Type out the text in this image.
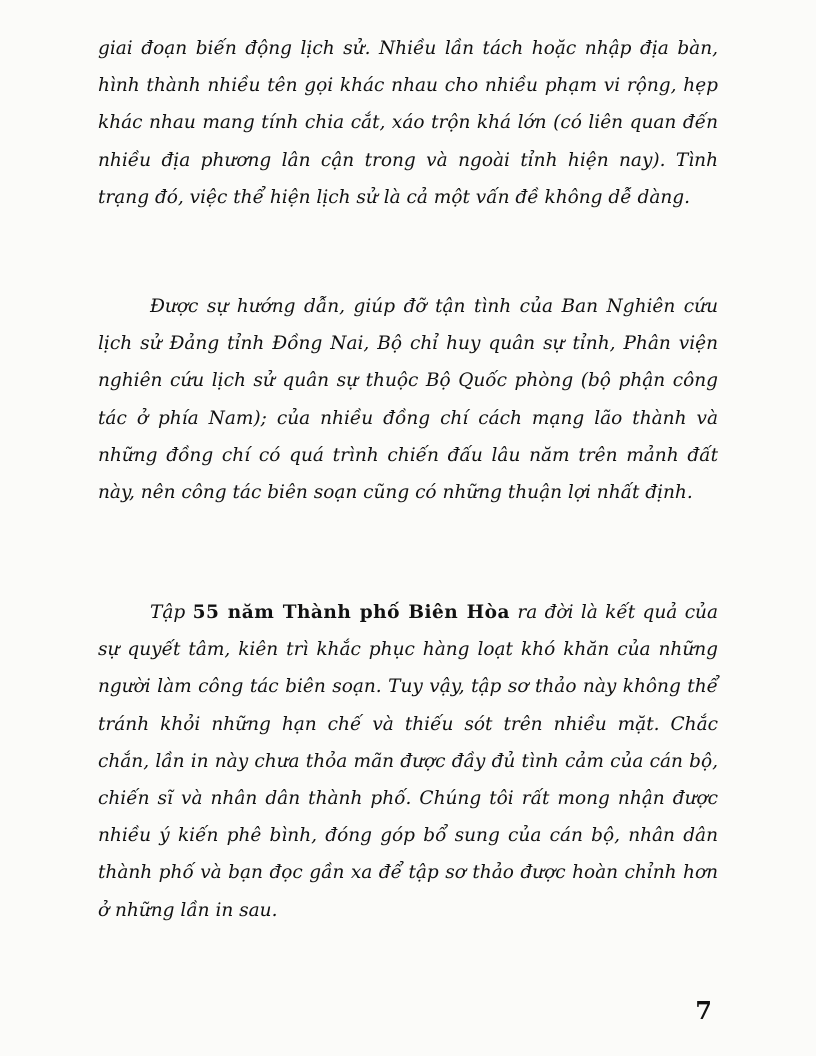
giai đoạn biến động lịch sử. Nhiều lần tách hoặc nhập địa bàn, hình thành nhiều tên gọi khác nhau cho nhiều phạm vi rộng, hẹp khác nhau mang tính chia cắt, xáo trộn khá lớn (có liên quan đến nhiều địa phương lân cận trong và ngoài tỉnh hiện nay). Tình trạng đó, việc thể hiện lịch sử là cả một vấn đề không dễ dàng.

Được sự hướng dẫn, giúp đỡ tận tình của Ban Nghiên cứu lịch sử Đảng tỉnh Đồng Nai, Bộ chỉ huy quân sự tỉnh, Phân viện nghiên cứu lịch sử quân sự thuộc Bộ Quốc phòng (bộ phận công tác ở phía Nam); của nhiều đồng chí cách mạng lão thành và những đồng chí có quá trình chiến đấu lâu năm trên mảnh đất này, nên công tác biên soạn cũng có những thuận lợi nhất định.

Tập 55 năm Thành phố Biên Hòa ra đời là kết quả của sự quyết tâm, kiên trì khắc phục hàng loạt khó khăn của những người làm công tác biên soạn. Tuy vậy, tập sơ thảo này không thể tránh khỏi những hạn chế và thiếu sót trên nhiều mặt. Chắc chắn, lần in này chưa thỏa mãn được đầy đủ tình cảm của cán bộ, chiến sĩ và nhân dân thành phố. Chúng tôi rất mong nhận được nhiều ý kiến phê bình, đóng góp bổ sung của cán bộ, nhân dân thành phố và bạn đọc gần xa để tập sơ thảo được hoàn chỉnh hơn ở những lần in sau.

7
